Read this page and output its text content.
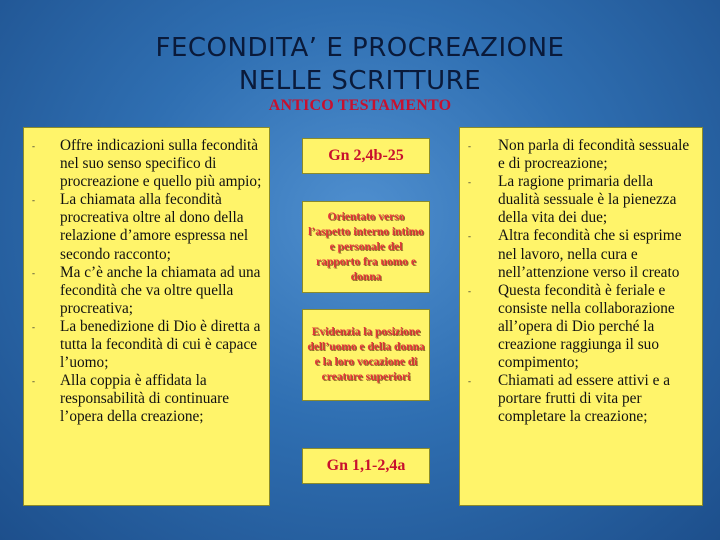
FECONDITA’ E PROCREAZIONE
NELLE SCRITTURE
ANTICO TESTAMENTO
- Offre indicazioni sulla fecondità nel suo senso specifico di procreazione e quello più ampio;
- La chiamata alla fecondità procreativa oltre al dono della relazione d’amore espressa nel secondo racconto;
- Ma c’è anche la chiamata ad una fecondità che va oltre quella procreativa;
- La benedizione di Dio è diretta a tutta la fecondità di cui è capace l’uomo;
- Alla coppia è affidata la responsabilità di continuare l’opera della creazione;
Gn 2,4b-25
Orientato verso l’aspetto interno intimo e personale del rapporto fra uomo e donna
Evidenzia la posizione dell’uomo e della donna e la loro vocazione di creature superiori
Gn 1,1-2,4a
- Non parla di fecondità sessuale e di procreazione;
- La ragione primaria della dualità sessuale è la pienezza della vita dei due;
- Altra fecondità che si esprime nel lavoro, nella cura e nell’attenzione verso il creato
- Questa fecondità è feriale e consiste nella collaborazione all’opera di Dio perché la creazione raggiunga il suo compimento;
- Chiamati ad essere attivi e a portare frutti di vita per completare la creazione;
